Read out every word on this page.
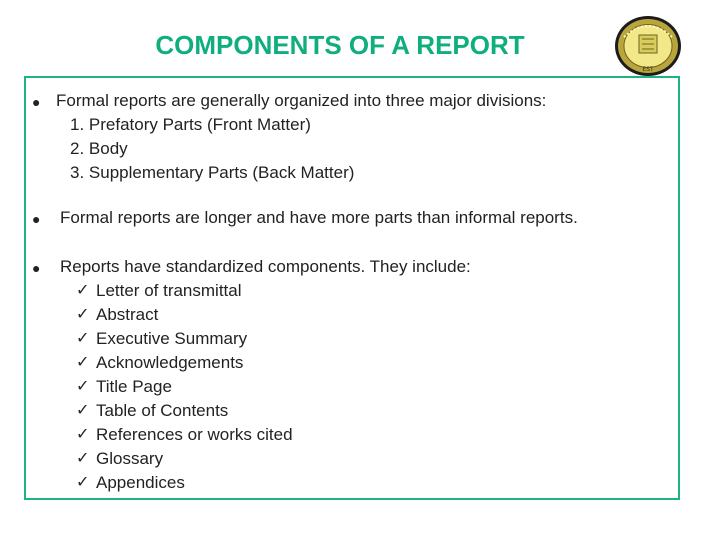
COMPONENTS OF A REPORT
EST
● Formal reports are generally organized into three major divisions:
1. Prefatory Parts (Front Matter)
2. Body
3. Supplementary Parts (Back Matter)
● Formal reports are longer and have more parts than informal reports.
● Reports have standardized components. They include:
✓ Letter of transmittal
✓ Abstract
✓ Executive Summary
✓ Acknowledgements
✓ Title Page
✓ Table of Contents
✓ References or works cited
✓ Glossary
✓ Appendices
